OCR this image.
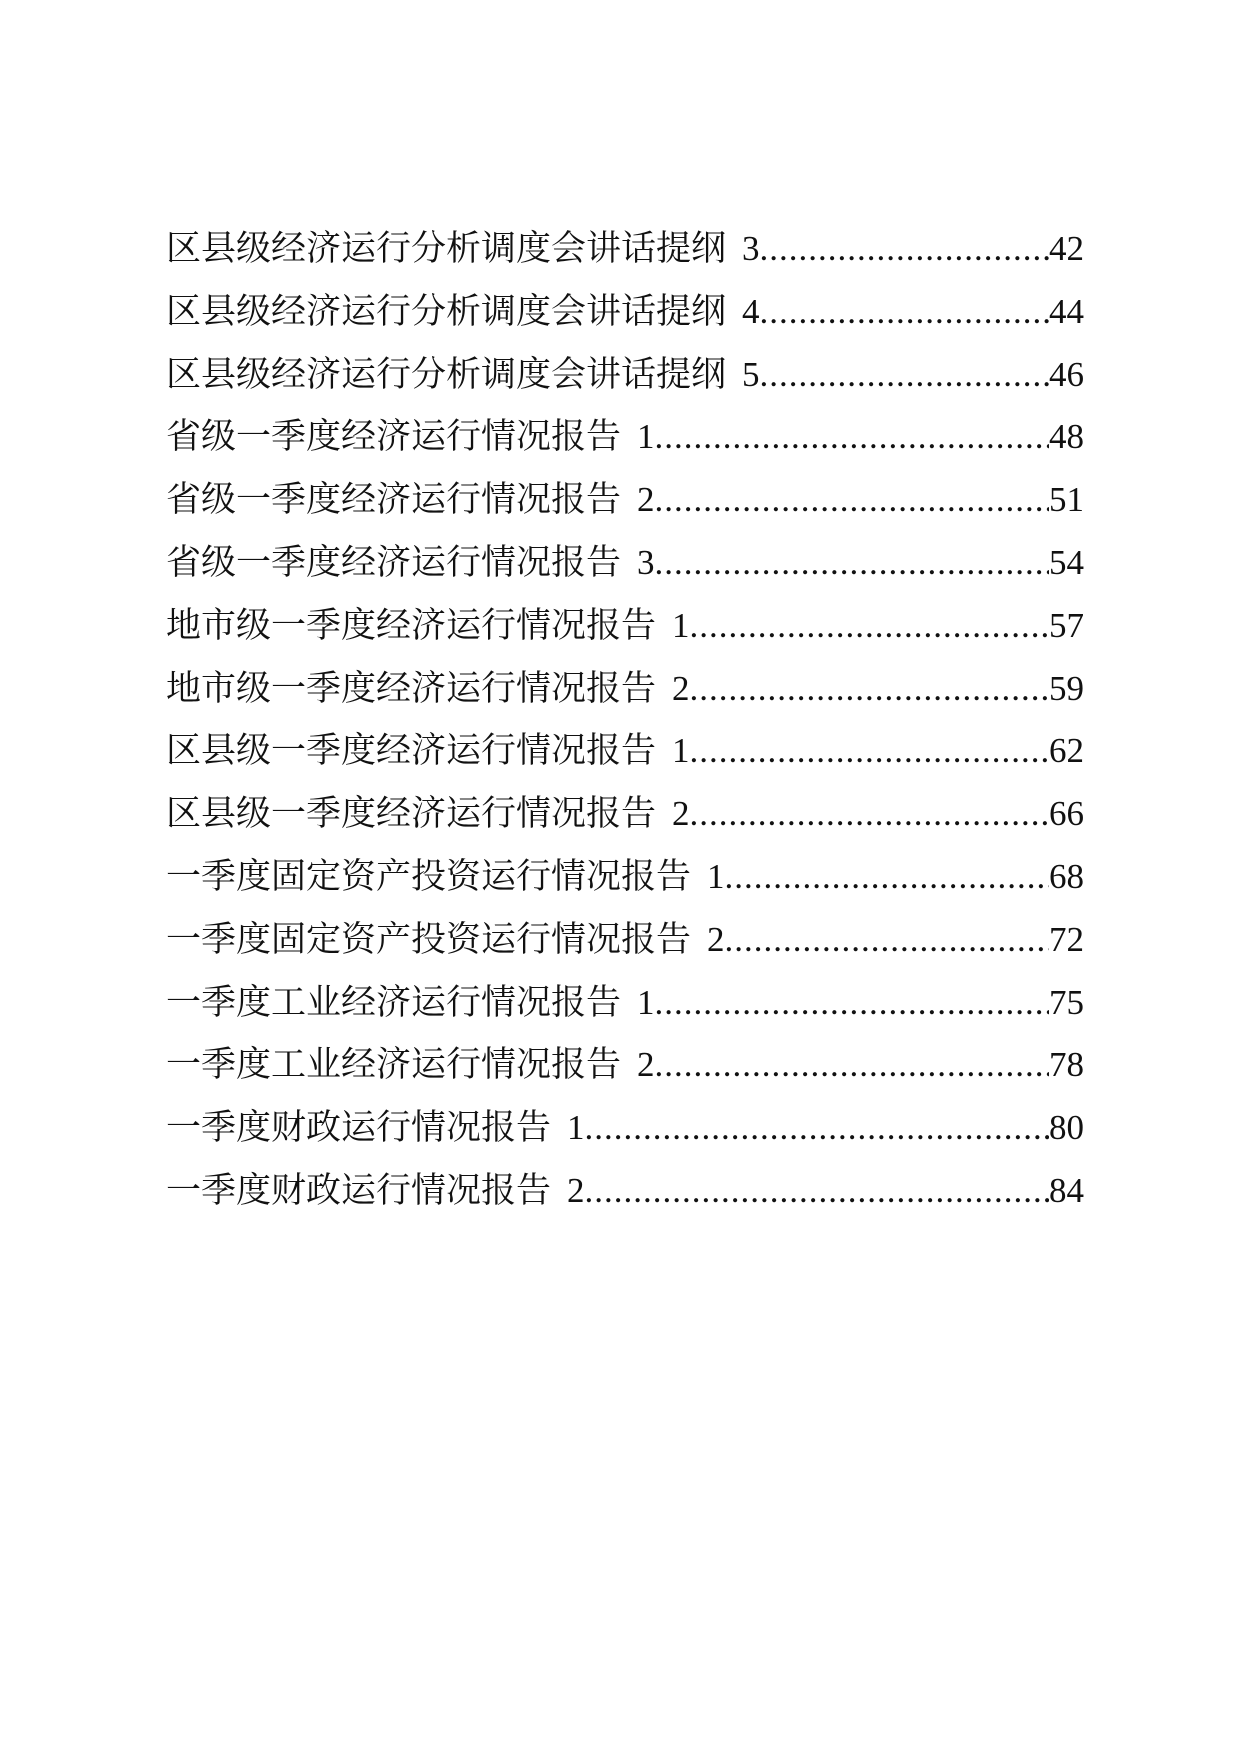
区县级经济运行分析调度会讲话提纲 3 .....	42
区县级经济运行分析调度会讲话提纲 4 .....	44
区县级经济运行分析调度会讲话提纲 5 .....	46
省级一季度经济运行情况报告 1 .....	48
省级一季度经济运行情况报告 2 .....	51
省级一季度经济运行情况报告 3 .....	54
地市级一季度经济运行情况报告 1 .....	57
地市级一季度经济运行情况报告 2 .....	59
区县级一季度经济运行情况报告 1 .....	62
区县级一季度经济运行情况报告 2 .....	66
一季度固定资产投资运行情况报告 1 .....	68
一季度固定资产投资运行情况报告 2 .....	72
一季度工业经济运行情况报告 1 .....	75
一季度工业经济运行情况报告 2 .....	78
一季度财政运行情况报告 1 .....	80
一季度财政运行情况报告 2 .....	84
